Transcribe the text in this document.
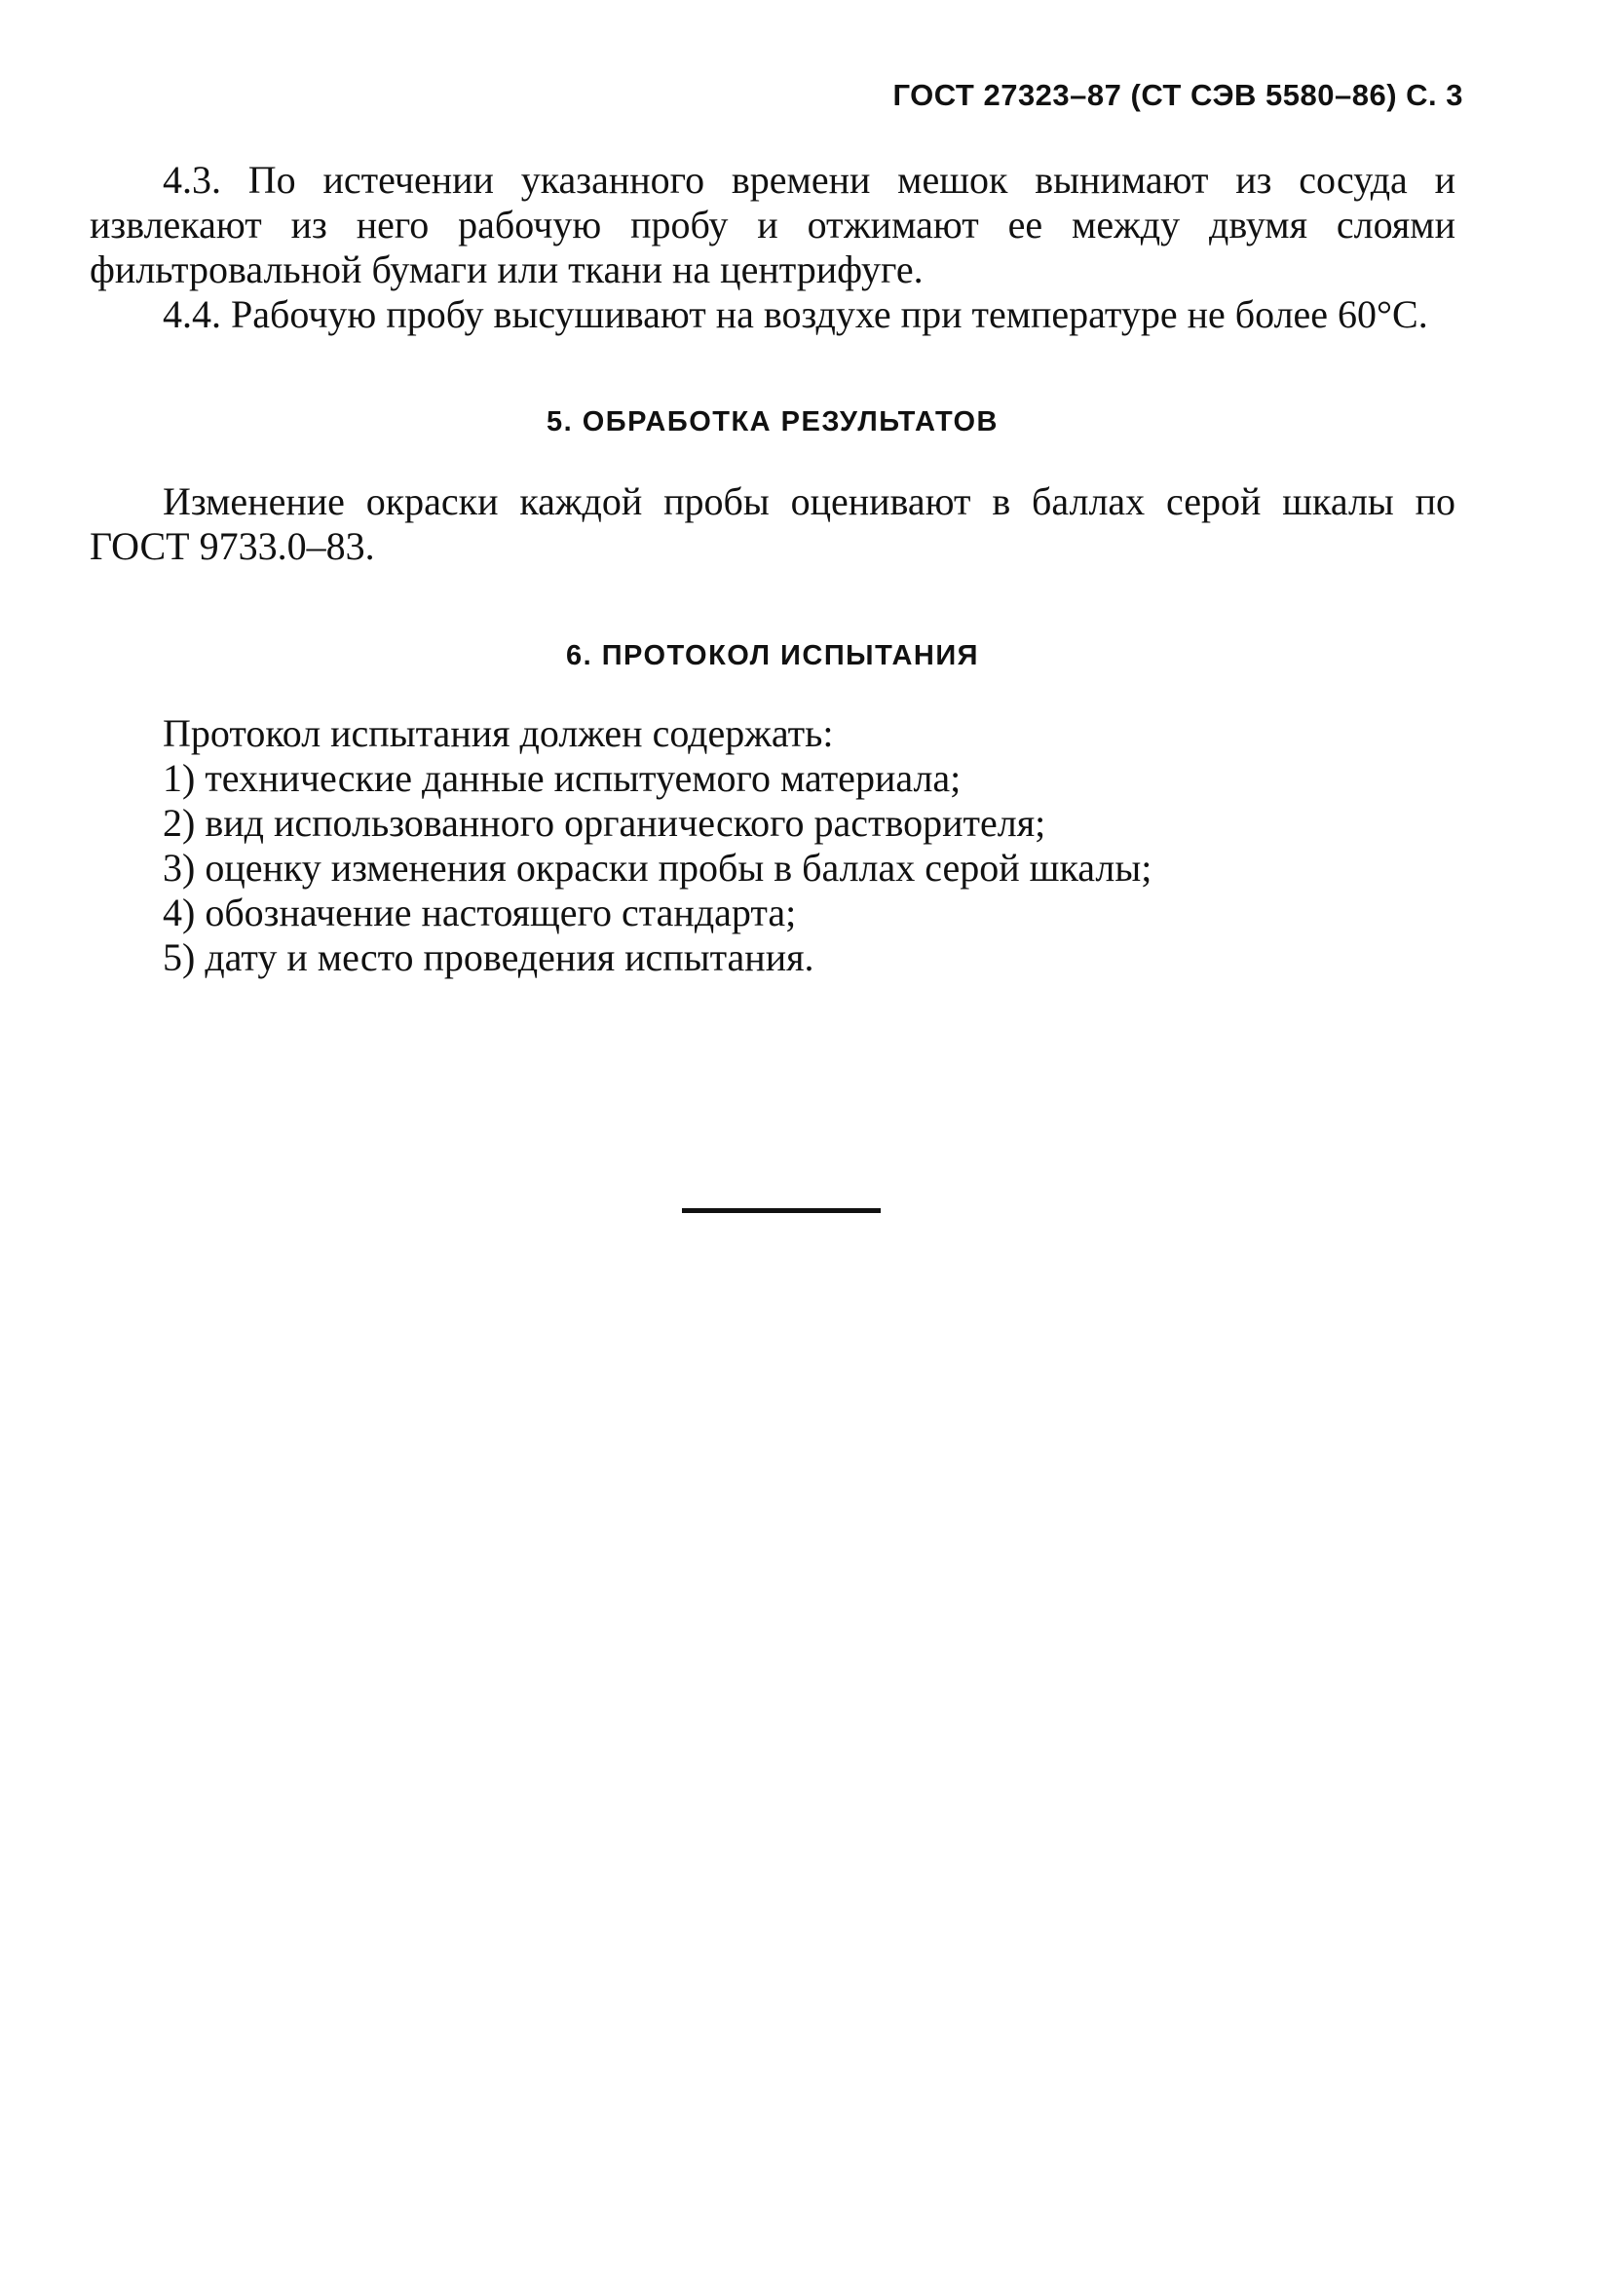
ГОСТ 27323–87 (СТ СЭВ 5580–86) С. 3

4.3. По истечении указанного времени мешок вынимают из сосуда и извлекают из него рабочую пробу и отжимают ее между двумя слоями фильтровальной бумаги или ткани на центрифуге.

4.4. Рабочую пробу высушивают на воздухе при температуре не более 60°С.

5. ОБРАБОТКА РЕЗУЛЬТАТОВ

Изменение окраски каждой пробы оценивают в баллах серой шкалы по ГОСТ 9733.0–83.

6. ПРОТОКОЛ ИСПЫТАНИЯ

Протокол испытания должен содержать:

1) технические данные испытуемого материала;
2) вид использованного органического растворителя;
3) оценку изменения окраски пробы в баллах серой шкалы;
4) обозначение настоящего стандарта;
5) дату и место проведения испытания.
